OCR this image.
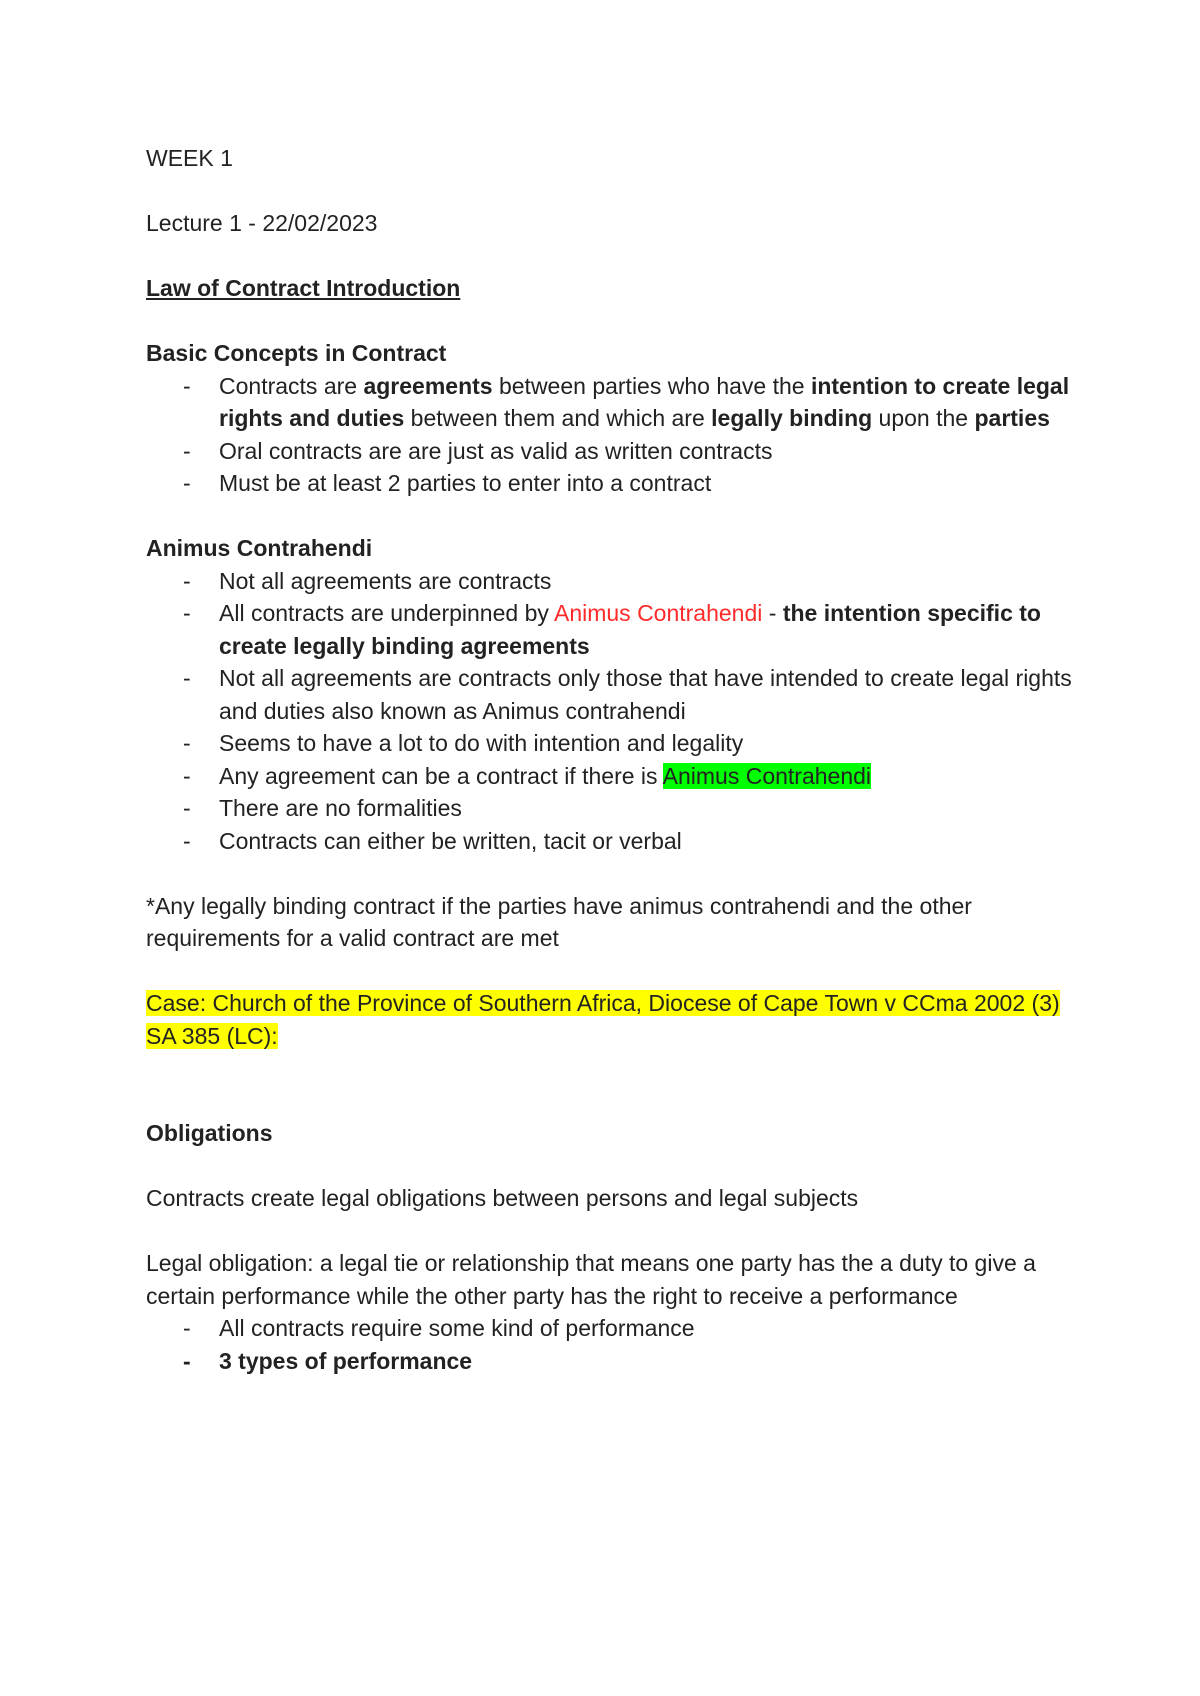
WEEK 1

Lecture 1 - 22/02/2023

Law of Contract Introduction

Basic Concepts in Contract

- Contracts are agreements between parties who have the intention to create legal rights and duties between them and which are legally binding upon the parties
- Oral contracts are are just as valid as written contracts
- Must be at least 2 parties to enter into a contract

Animus Contrahendi

- Not all agreements are contracts
- All contracts are underpinned by Animus Contrahendi - the intention specific to create legally binding agreements
- Not all agreements are contracts only those that have intended to create legal rights and duties also known as Animus contrahendi
- Seems to have a lot to do with intention and legality
- Any agreement can be a contract if there is Animus Contrahendi
- There are no formalities
- Contracts can either be written, tacit or verbal

*Any legally binding contract if the parties have animus contrahendi and the other requirements for a valid contract are met

Case: Church of the Province of Southern Africa, Diocese of Cape Town v CCma 2002 (3) SA 385 (LC):

Obligations

Contracts create legal obligations between persons and legal subjects

Legal obligation: a legal tie or relationship that means one party has the a duty to give a certain performance while the other party has the right to receive a performance

- All contracts require some kind of performance
- 3 types of performance
